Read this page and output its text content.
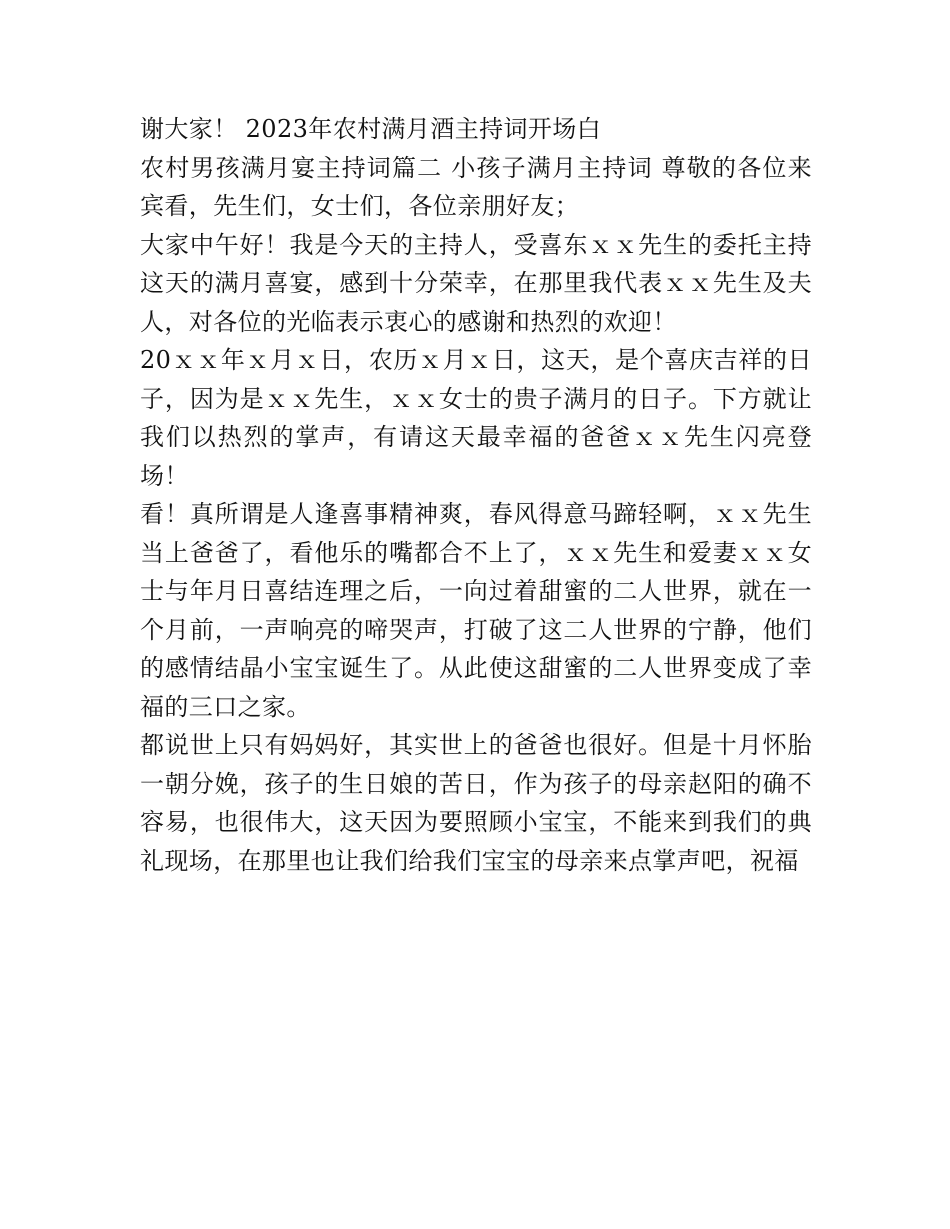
谢大家！ 2023年农村满月酒主持词开场白

农村男孩满月宴主持词篇二 小孩子满月主持词 尊敬的各位来宾看，先生们，女士们，各位亲朋好友；

大家中午好！我是今天的主持人，受喜东ｘｘ先生的委托主持这天的满月喜宴，感到十分荣幸，在那里我代表ｘｘ先生及夫人，对各位的光临表示衷心的感谢和热烈的欢迎！

20ｘｘ年ｘ月ｘ日，农历ｘ月ｘ日，这天，是个喜庆吉祥的日子，因为是ｘｘ先生，ｘｘ女士的贵子满月的日子。下方就让我们以热烈的掌声，有请这天最幸福的爸爸ｘｘ先生闪亮登场！

看！真所谓是人逢喜事精神爽，春风得意马蹄轻啊，ｘｘ先生当上爸爸了，看他乐的嘴都合不上了，ｘｘ先生和爱妻ｘｘ女士与年月日喜结连理之后，一向过着甜蜜的二人世界，就在一个月前，一声响亮的啼哭声，打破了这二人世界的宁静，他们的感情结晶小宝宝诞生了。从此使这甜蜜的二人世界变成了幸福的三口之家。

都说世上只有妈妈好，其实世上的爸爸也很好。但是十月怀胎一朝分娩，孩子的生日娘的苦日，作为孩子的母亲赵阳的确不容易，也很伟大，这天因为要照顾小宝宝，不能来到我们的典礼现场，在那里也让我们给我们宝宝的母亲来点掌声吧，祝福
